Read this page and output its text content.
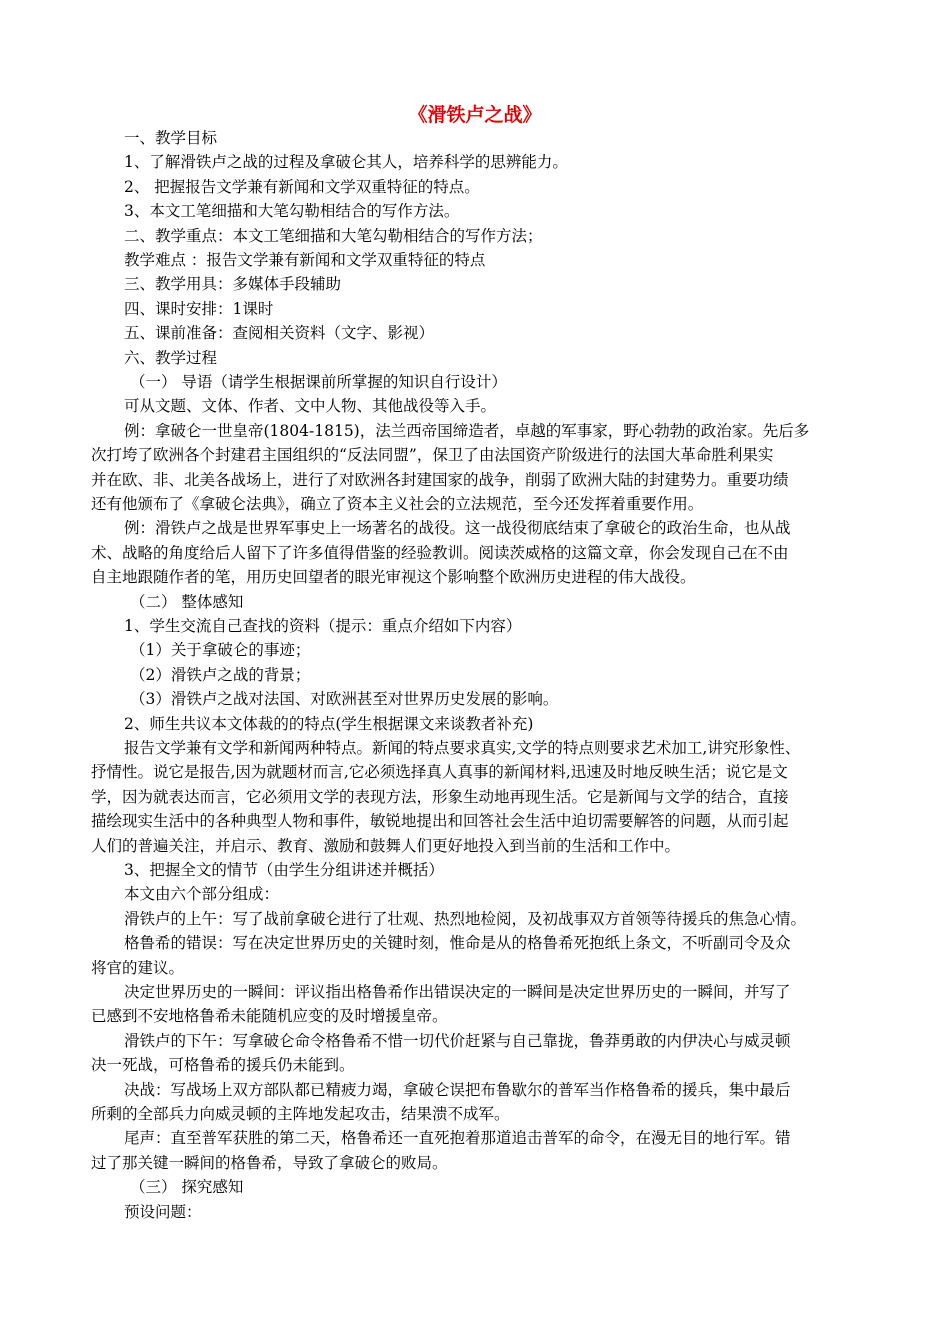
《滑铁卢之战》
一、教学目标
1、了解滑铁卢之战的过程及拿破仑其人，培养科学的思辨能力。
2、 把握报告文学兼有新闻和文学双重特征的特点。
3、本文工笔细描和大笔勾勒相结合的写作方法。
二、教学重点：本文工笔细描和大笔勾勒相结合的写作方法；
教学难点 ：报告文学兼有新闻和文学双重特征的特点
三、教学用具：多媒体手段辅助
四、课时安排：1课时
五、课前准备：查阅相关资料（文字、影视）
六、教学过程
（一） 导语（请学生根据课前所掌握的知识自行设计）
可从文题、文体、作者、文中人物、其他战役等入手。
例：拿破仑一世皇帝(1804-1815)，法兰西帝国缔造者，卓越的军事家，野心勃勃的政治家。先后多
次打垮了欧洲各个封建君主国组织的“反法同盟”，保卫了由法国资产阶级进行的法国大革命胜利果实
并在欧、非、北美各战场上，进行了对欧洲各封建国家的战争，削弱了欧洲大陆的封建势力。重要功绩
还有他颁布了《拿破仑法典》，确立了资本主义社会的立法规范，至今还发挥着重要作用。
例：滑铁卢之战是世界军事史上一场著名的战役。这一战役彻底结束了拿破仑的政治生命，也从战
术、战略的角度给后人留下了许多值得借鉴的经验教训。阅读茨威格的这篇文章，你会发现自己在不由
自主地跟随作者的笔，用历史回望者的眼光审视这个影响整个欧洲历史进程的伟大战役。
（二） 整体感知
1、学生交流自己查找的资料（提示：重点介绍如下内容）
（1）关于拿破仑的事迹；
（2）滑铁卢之战的背景；
（3）滑铁卢之战对法国、对欧洲甚至对世界历史发展的影响。
2、师生共议本文体裁的的特点(学生根据课文来谈教者补充)
报告文学兼有文学和新闻两种特点。新闻的特点要求真实,文学的特点则要求艺术加工,讲究形象性、
抒情性。说它是报告,因为就题材而言,它必须选择真人真事的新闻材料,迅速及时地反映生活；说它是文
学，因为就表达而言，它必须用文学的表现方法，形象生动地再现生活。它是新闻与文学的结合，直接
描绘现实生活中的各种典型人物和事件，敏锐地提出和回答社会生活中迫切需要解答的问题，从而引起
人们的普遍关注，并启示、教育、激励和鼓舞人们更好地投入到当前的生活和工作中。
3、把握全文的情节（由学生分组讲述并概括）
本文由六个部分组成：
滑铁卢的上午：写了战前拿破仑进行了壮观、热烈地检阅，及初战事双方首领等待援兵的焦急心情。
格鲁希的错误：写在决定世界历史的关键时刻，惟命是从的格鲁希死抱纸上条文，不听副司令及众
将官的建议。
决定世界历史的一瞬间：评议指出格鲁希作出错误决定的一瞬间是决定世界历史的一瞬间，并写了
已感到不安地格鲁希未能随机应变的及时增援皇帝。
滑铁卢的下午：写拿破仑命令格鲁希不惜一切代价赶紧与自己靠拢，鲁莽勇敢的内伊决心与威灵顿
决一死战，可格鲁希的援兵仍未能到。
决战：写战场上双方部队都已精疲力竭，拿破仑误把布鲁歇尔的普军当作格鲁希的援兵，集中最后
所剩的全部兵力向威灵顿的主阵地发起攻击，结果溃不成军。
尾声：直至普军获胜的第二天，格鲁希还一直死抱着那道追击普军的命令，在漫无目的地行军。错
过了那关键一瞬间的格鲁希，导致了拿破仑的败局。
（三） 探究感知
预设问题：
